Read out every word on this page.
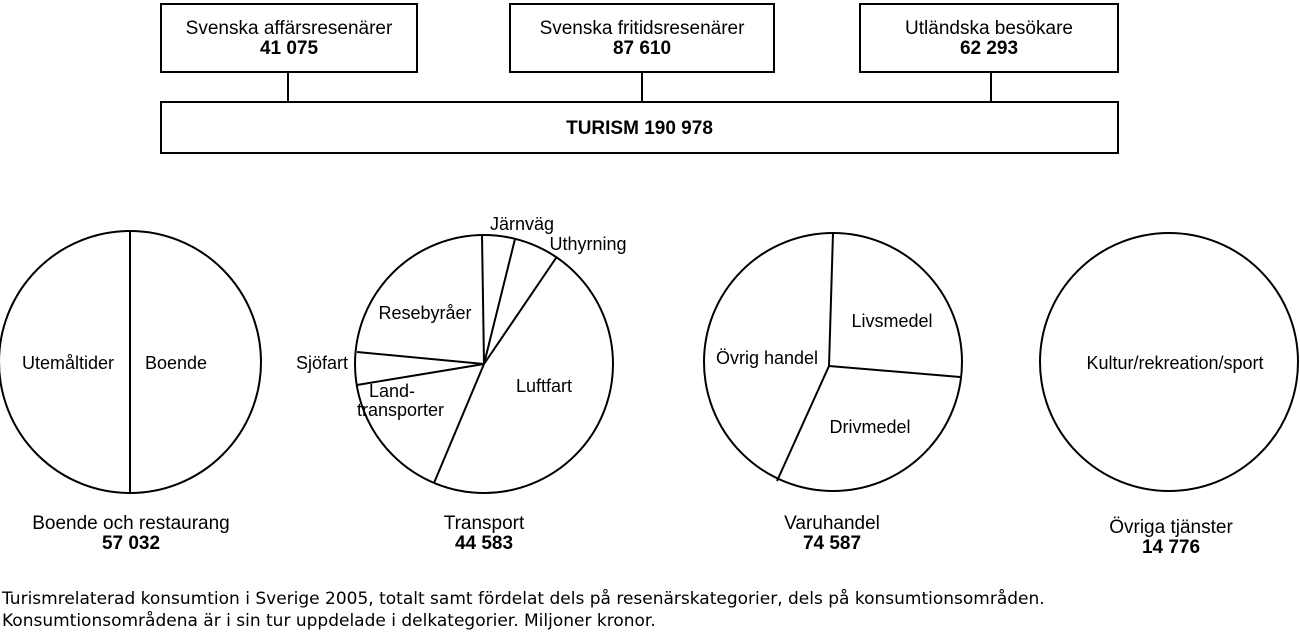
Svenska affärsresenärer
41 075
Svenska fritidsresenärer
87 610
Utländska besökare
62 293
TURISM 190 978
Utemåltider Boende
Järnväg
Uthyrning
Resebyråer
Sjöfart
Land-
transporter
Luftfart
Livsmedel
Övrig handel
Drivmedel
Kultur/rekreation/sport
Boende och restaurang
57 032
Transport
44 583
Varuhandel
74 587
Övriga tjänster
14 776
Turismrelaterad konsumtion i Sverige 2005, totalt samt fördelat dels på resenärskategorier, dels på konsumtionsområden.
Konsumtionsområdena är i sin tur uppdelade i delkategorier. Miljoner kronor.
